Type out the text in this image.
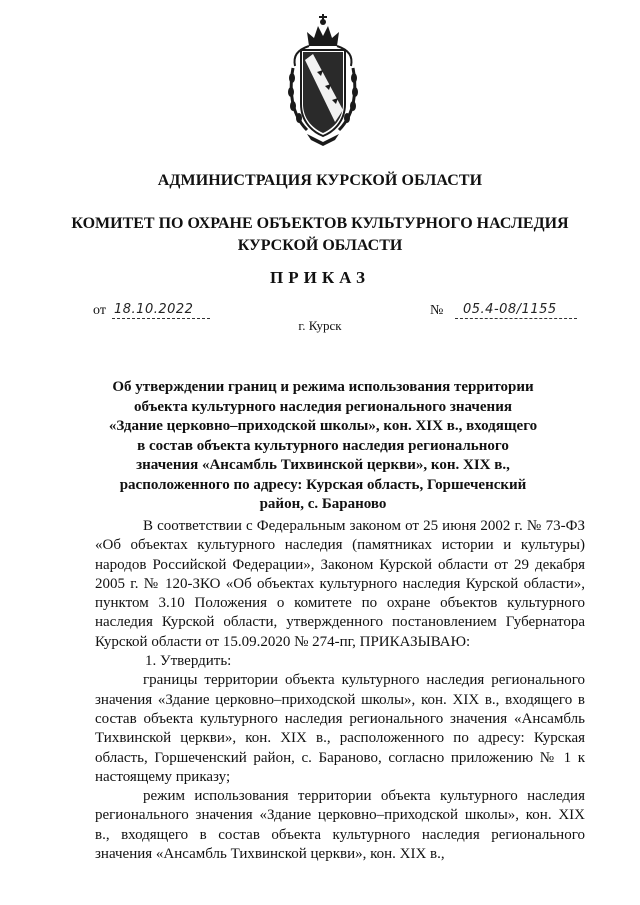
АДМИНИСТРАЦИЯ КУРСКОЙ ОБЛАСТИ
КОМИТЕТ ПО ОХРАНЕ ОБЪЕКТОВ КУЛЬТУРНОГО НАСЛЕДИЯ
КУРСКОЙ ОБЛАСТИ
ПРИКАЗ
от 18.10.2022	№ 05.4-08/1155
г. Курск
Об утверждении границ и режима использования территории объекта культурного наследия регионального значения «Здание церковно–приходской школы», кон. XIX в., входящего в состав объекта культурного наследия регионального значения «Ансамбль Тихвинской церкви», кон. XIX в., расположенного по адресу: Курская область, Горшеченский район, с. Бараново

В соответствии с Федеральным законом от 25 июня 2002 г. № 73-ФЗ «Об объектах культурного наследия (памятниках истории и культуры) народов Российской Федерации», Законом Курской области от 29 декабря 2005 г. № 120-ЗКО «Об объектах культурного наследия Курской области», пунктом 3.10 Положения о комитете по охране объектов культурного наследия Курской области, утвержденного постановлением Губернатора Курской области от 15.09.2020 № 274-пг, ПРИКАЗЫВАЮ:

1. Утвердить:

границы территории объекта культурного наследия регионального значения «Здание церковно–приходской школы», кон. XIX в., входящего в состав объекта культурного наследия регионального значения «Ансамбль Тихвинской церкви», кон. XIX в., расположенного по адресу: Курская область, Горшеченский район, с. Бараново, согласно приложению № 1 к настоящему приказу;

режим использования территории объекта культурного наследия регионального значения «Здание церковно–приходской школы», кон. XIX в., входящего в состав объекта культурного наследия регионального значения «Ансамбль Тихвинской церкви», кон. XIX в.,
